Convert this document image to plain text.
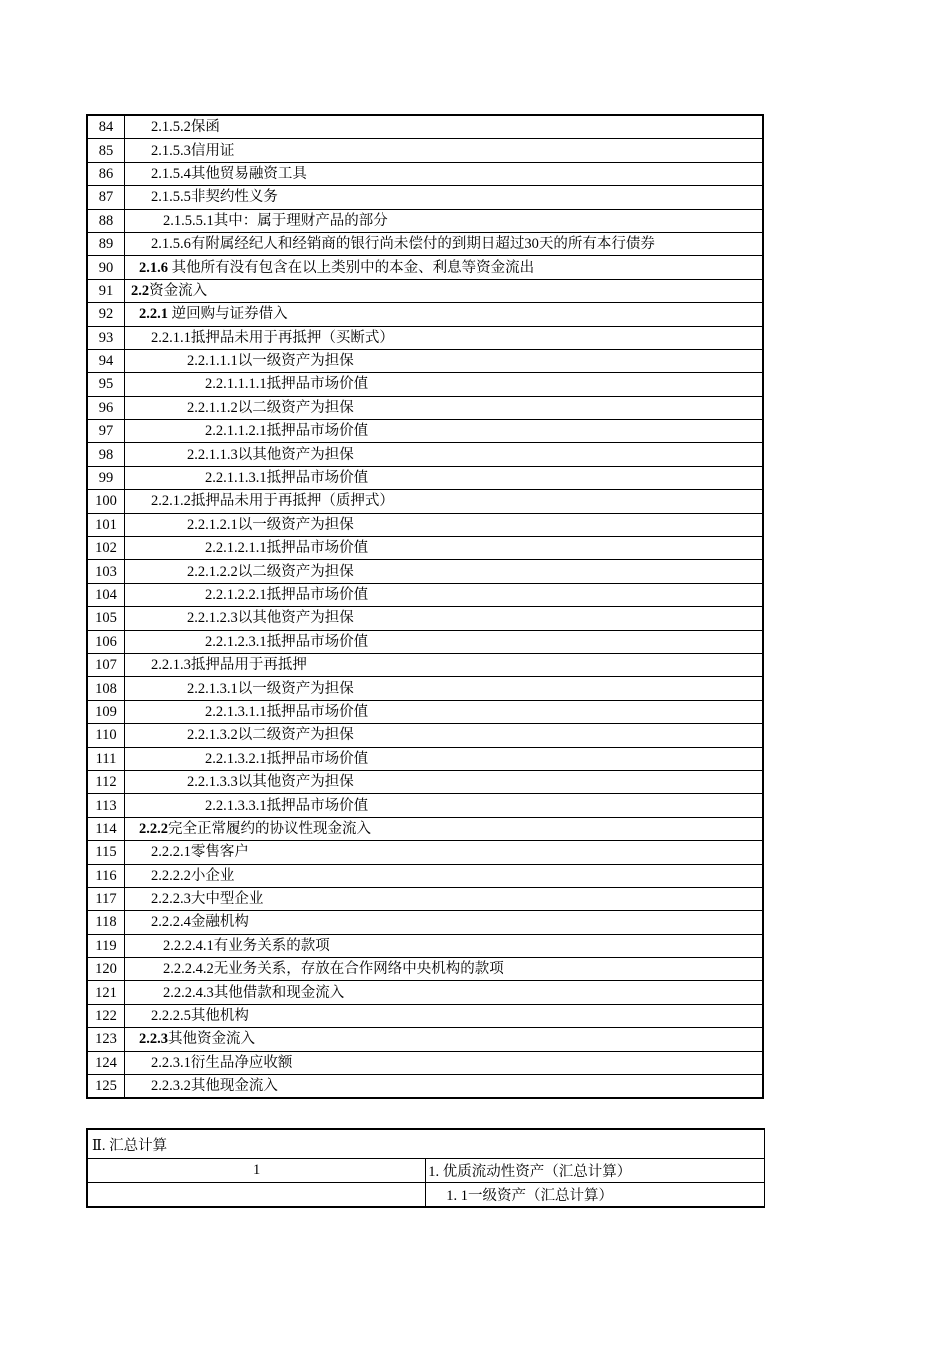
84	2.1.5.2保函
85	2.1.5.3信用证
86	2.1.5.4其他贸易融资工具
87	2.1.5.5非契约性义务
88	2.1.5.5.1其中：属于理财产品的部分
89	2.1.5.6有附属经纪人和经销商的银行尚未偿付的到期日超过30天的所有本行债券
90	2.1.6 其他所有没有包含在以上类别中的本金、利息等资金流出
91	2.2资金流入
92	2.2.1 逆回购与证券借入
93	2.2.1.1抵押品未用于再抵押（买断式）
94	2.2.1.1.1以一级资产为担保
95	2.2.1.1.1.1抵押品市场价值
96	2.2.1.1.2以二级资产为担保
97	2.2.1.1.2.1抵押品市场价值
98	2.2.1.1.3以其他资产为担保
99	2.2.1.1.3.1抵押品市场价值
100	2.2.1.2抵押品未用于再抵押（质押式）
101	2.2.1.2.1以一级资产为担保
102	2.2.1.2.1.1抵押品市场价值
103	2.2.1.2.2以二级资产为担保
104	2.2.1.2.2.1抵押品市场价值
105	2.2.1.2.3以其他资产为担保
106	2.2.1.2.3.1抵押品市场价值
107	2.2.1.3抵押品用于再抵押
108	2.2.1.3.1以一级资产为担保
109	2.2.1.3.1.1抵押品市场价值
110	2.2.1.3.2以二级资产为担保
111	2.2.1.3.2.1抵押品市场价值
112	2.2.1.3.3以其他资产为担保
113	2.2.1.3.3.1抵押品市场价值
114	2.2.2完全正常履约的协议性现金流入
115	2.2.2.1零售客户
116	2.2.2.2小企业
117	2.2.2.3大中型企业
118	2.2.2.4金融机构
119	2.2.2.4.1有业务关系的款项
120	2.2.2.4.2无业务关系，存放在合作网络中央机构的款项
121	2.2.2.4.3其他借款和现金流入
122	2.2.2.5其他机构
123	2.2.3其他资金流入
124	2.2.3.1衍生品净应收额
125	2.2.3.2其他现金流入
Ⅱ. 汇总计算	
1	1. 优质流动性资产（汇总计算）
	1. 1一级资产（汇总计算）
